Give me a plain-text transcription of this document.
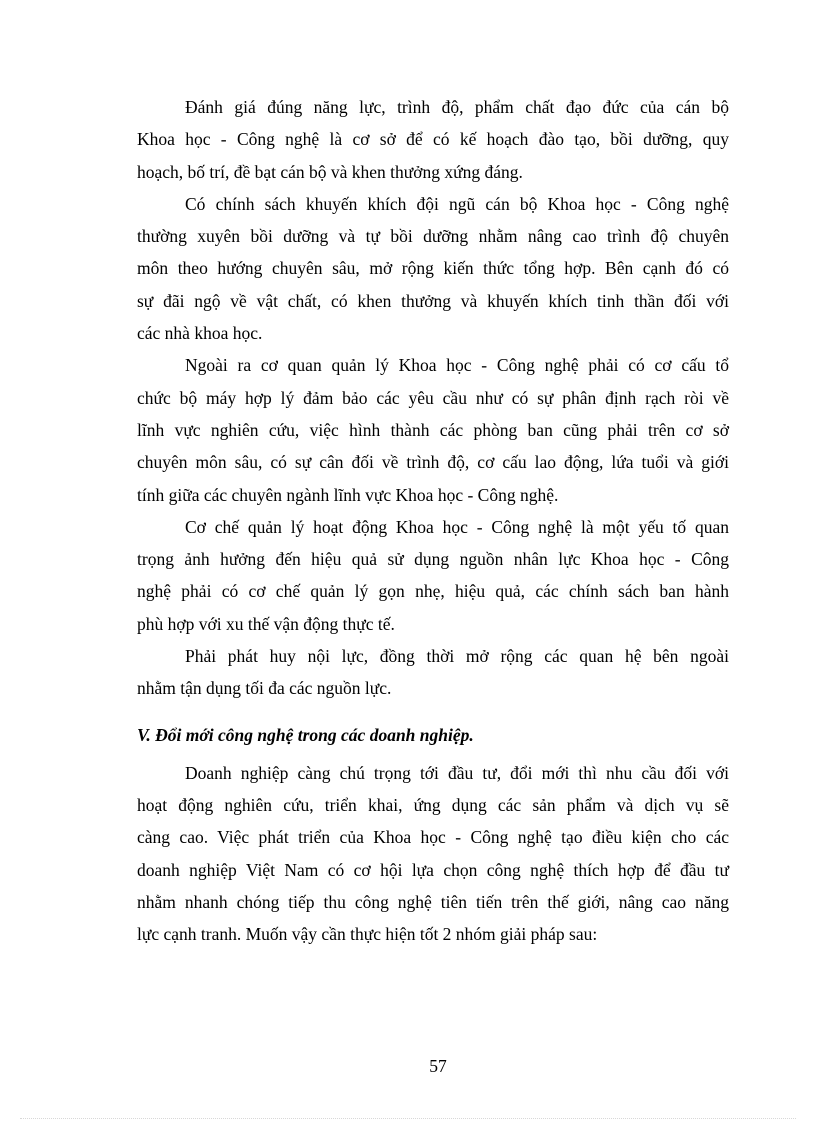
Đánh giá đúng năng lực, trình độ, phẩm chất đạo đức của cán bộ
Khoa học - Công nghệ là cơ sở để có kế hoạch đào tạo, bồi dưỡng, quy
hoạch, bố trí, đề bạt cán bộ và khen thưởng xứng đáng.
Có chính sách khuyến khích đội ngũ cán bộ Khoa học - Công nghệ
thường xuyên bồi dưỡng và tự bồi dưỡng nhằm nâng cao trình độ chuyên
môn theo hướng chuyên sâu, mở rộng kiến thức tổng hợp. Bên cạnh đó có
sự đãi ngộ về vật chất, có khen thưởng và khuyến khích tinh thần đối với
các nhà khoa học.
Ngoài ra cơ quan quản lý Khoa học - Công nghệ phải có cơ cấu tổ
chức bộ máy hợp lý đảm bảo các yêu cầu như có sự phân định rạch ròi về
lĩnh vực nghiên cứu, việc hình thành các phòng ban cũng phải trên cơ sở
chuyên môn sâu, có sự cân đối về trình độ, cơ cấu lao động, lứa tuổi và giới
tính giữa các chuyên ngành lĩnh vực Khoa học - Công nghệ.
Cơ chế quản lý hoạt động Khoa học - Công nghệ là một yếu tố quan
trọng ảnh hưởng đến hiệu quả sử dụng nguồn nhân lực Khoa học - Công
nghệ phải có cơ chế quản lý gọn nhẹ, hiệu quả, các chính sách ban hành
phù hợp với xu thế vận động thực tế.
Phải phát huy nội lực, đồng thời mở rộng các quan hệ bên ngoài
nhằm tận dụng tối đa các nguồn lực.
V. Đổi mới công nghệ trong các doanh nghiệp.
Doanh nghiệp càng chú trọng tới đầu tư, đổi mới thì nhu cầu đối với
hoạt động nghiên cứu, triển khai, ứng dụng các sản phẩm và dịch vụ sẽ
càng cao. Việc phát triển của Khoa học - Công nghệ tạo điều kiện cho các
doanh nghiệp Việt Nam có cơ hội lựa chọn công nghệ thích hợp để đầu tư
nhằm nhanh chóng tiếp thu công nghệ tiên tiến trên thế giới, nâng cao năng
lực cạnh tranh. Muốn vậy cần thực hiện tốt 2 nhóm giải pháp sau:
57
